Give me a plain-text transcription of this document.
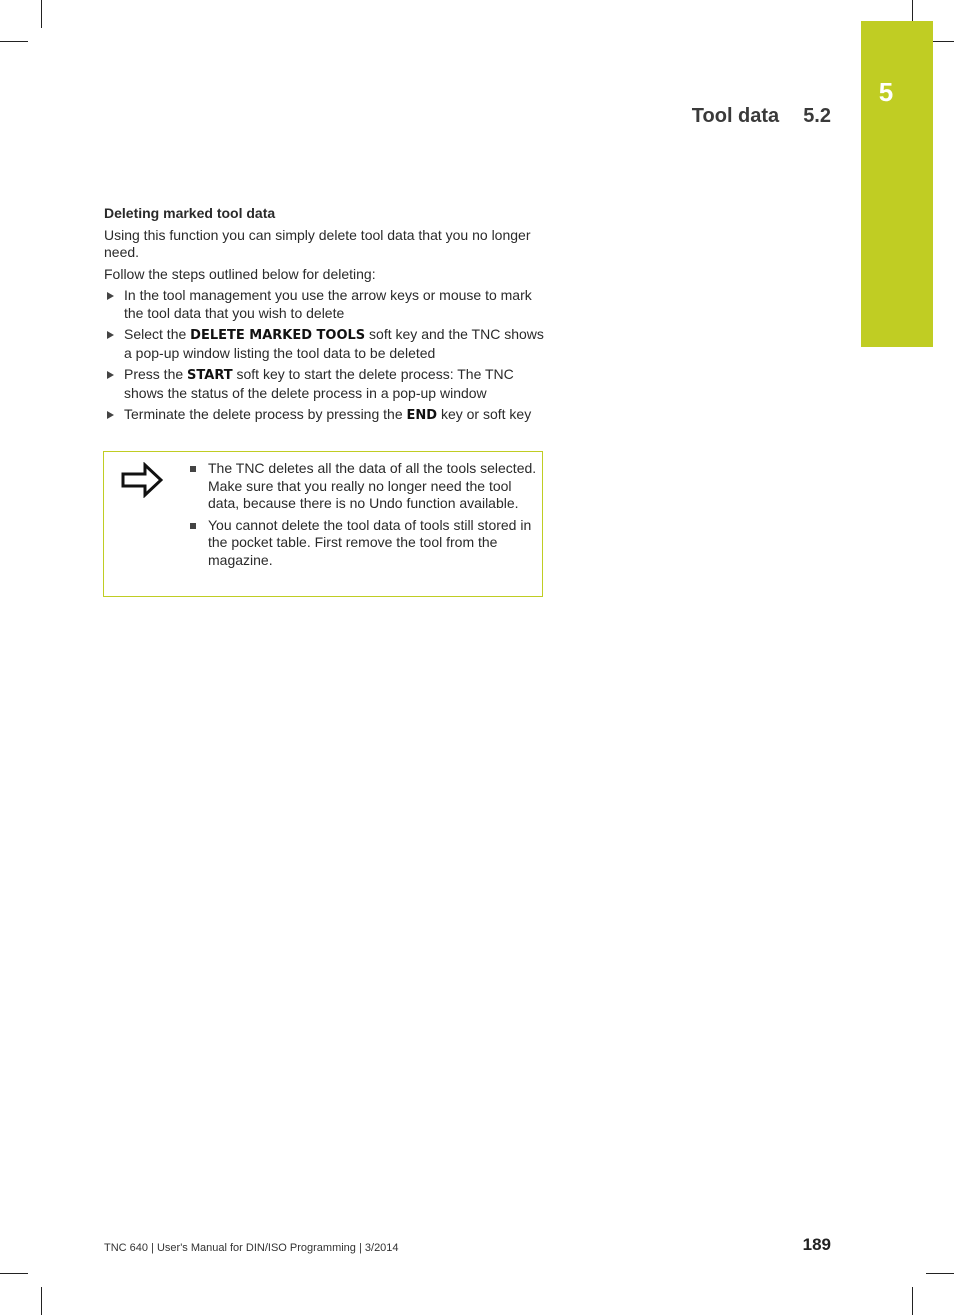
5
Tool data 5.2
Deleting marked tool data

Using this function you can simply delete tool data that you no longer need.

Follow the steps outlined below for deleting:

In the tool management you use the arrow keys or mouse to mark the tool data that you wish to delete
Select the DELETE MARKED TOOLS soft key and the TNC shows a pop-up window listing the tool data to be deleted
Press the START soft key to start the delete process: The TNC shows the status of the delete process in a pop-up window
Terminate the delete process by pressing the END key or soft key
The TNC deletes all the data of all the tools selected. Make sure that you really no longer need the tool data, because there is no Undo function available.
You cannot delete the tool data of tools still stored in the pocket table. First remove the tool from the magazine.
TNC 640 | User's Manual for DIN/ISO Programming | 3/2014	189
